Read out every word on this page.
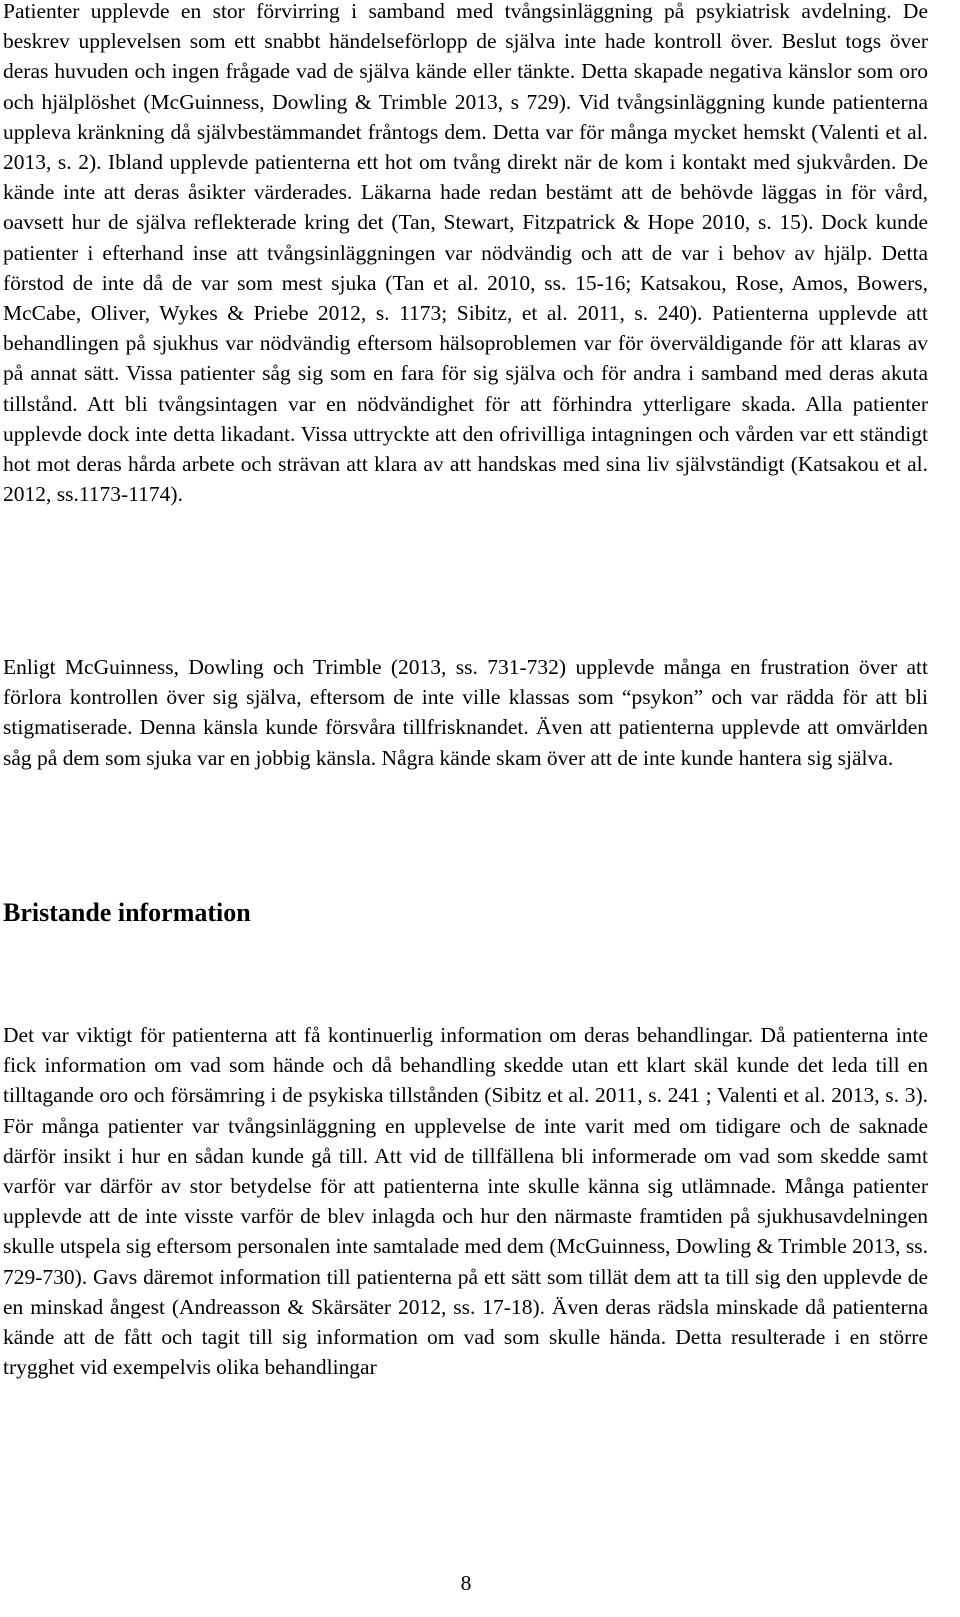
Patienter upplevde en stor förvirring i samband med tvångsinläggning på psykiatrisk avdelning. De beskrev upplevelsen som ett snabbt händelseförlopp de själva inte hade kontroll över. Beslut togs över deras huvuden och ingen frågade vad de själva kände eller tänkte. Detta skapade negativa känslor som oro och hjälplöshet (McGuinness, Dowling & Trimble 2013, s 729). Vid tvångsinläggning kunde patienterna uppleva kränkning då självbestämmandet fråntogs dem. Detta var för många mycket hemskt (Valenti et al. 2013, s. 2). Ibland upplevde patienterna ett hot om tvång direkt när de kom i kontakt med sjukvården. De kände inte att deras åsikter värderades. Läkarna hade redan bestämt att de behövde läggas in för vård, oavsett hur de själva reflekterade kring det (Tan, Stewart, Fitzpatrick & Hope 2010, s. 15). Dock kunde patienter i efterhand inse att tvångsinläggningen var nödvändig och att de var i behov av hjälp. Detta förstod de inte då de var som mest sjuka (Tan et al. 2010, ss. 15-16; Katsakou, Rose, Amos, Bowers, McCabe, Oliver, Wykes & Priebe 2012, s. 1173; Sibitz, et al. 2011, s. 240). Patienterna upplevde att behandlingen på sjukhus var nödvändig eftersom hälsoproblemen var för överväldigande för att klaras av på annat sätt. Vissa patienter såg sig som en fara för sig själva och för andra i samband med deras akuta tillstånd. Att bli tvångsintagen var en nödvändighet för att förhindra ytterligare skada. Alla patienter upplevde dock inte detta likadant. Vissa uttryckte att den ofrivilliga intagningen och vården var ett ständigt hot mot deras hårda arbete och strävan att klara av att handskas med sina liv självständigt (Katsakou et al. 2012, ss.1173-1174).

Enligt McGuinness, Dowling och Trimble (2013, ss. 731-732) upplevde många en frustration över att förlora kontrollen över sig själva, eftersom de inte ville klassas som “psykon” och var rädda för att bli stigmatiserade. Denna känsla kunde försvåra tillfrisknandet. Även att patienterna upplevde att omvärlden såg på dem som sjuka var en jobbig känsla. Några kände skam över att de inte kunde hantera sig själva.

Bristande information

Det var viktigt för patienterna att få kontinuerlig information om deras behandlingar. Då patienterna inte fick information om vad som hände och då behandling skedde utan ett klart skäl kunde det leda till en tilltagande oro och försämring i de psykiska tillstånden (Sibitz et al. 2011, s. 241 ; Valenti et al. 2013, s. 3). För många patienter var tvångsinläggning en upplevelse de inte varit med om tidigare och de saknade därför insikt i hur en sådan kunde gå till. Att vid de tillfällena bli informerade om vad som skedde samt varför var därför av stor betydelse för att patienterna inte skulle känna sig utlämnade. Många patienter upplevde att de inte visste varför de blev inlagda och hur den närmaste framtiden på sjukhusavdelningen skulle utspela sig eftersom personalen inte samtalade med dem (McGuinness, Dowling & Trimble 2013, ss. 729-730). Gavs däremot information till patienterna på ett sätt som tillät dem att ta till sig den upplevde de en minskad ångest (Andreasson & Skärsäter 2012, ss. 17-18). Även deras rädsla minskade då patienterna kände att de fått och tagit till sig information om vad som skulle hända. Detta resulterade i en större trygghet vid exempelvis olika behandlingar

8
